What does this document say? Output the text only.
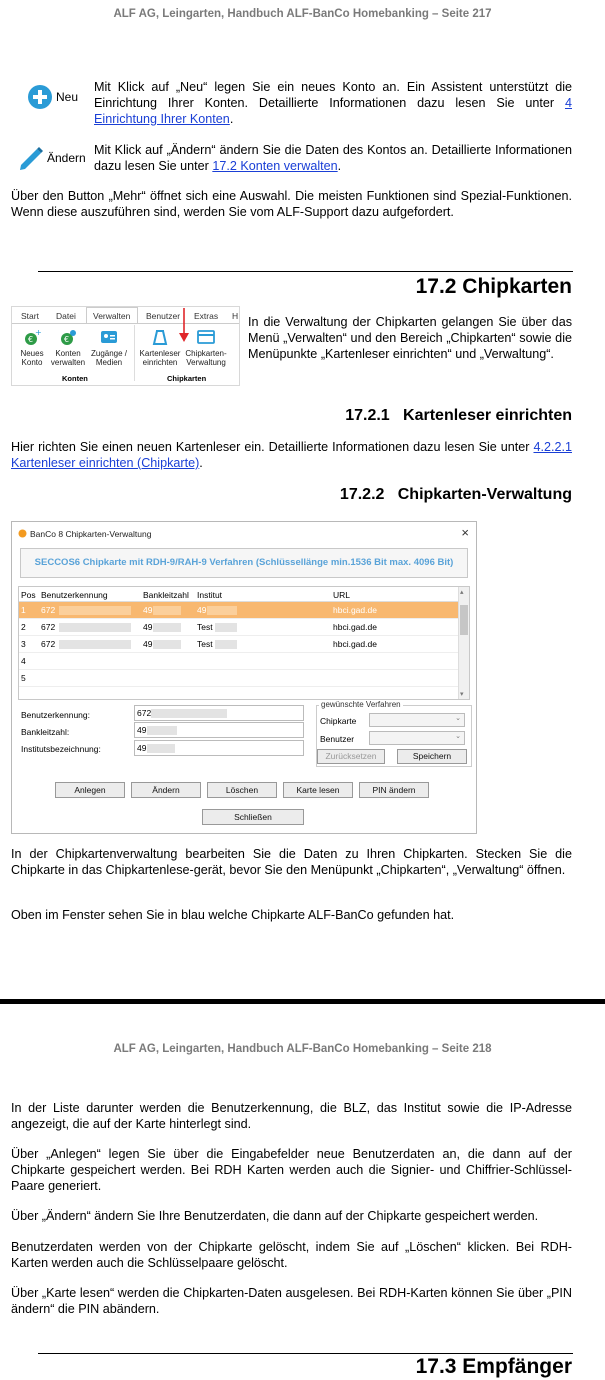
ALF AG, Leingarten, Handbuch ALF-BanCo Homebanking – Seite 217
Neu
Mit Klick auf „Neu“ legen Sie ein neues Konto an. Ein Assistent unterstützt die Einrichtung Ihrer Konten. Detaillierte Informationen dazu lesen Sie unter 4 Einrichtung Ihrer Konten.
Ändern
Mit Klick auf „Ändern“ ändern Sie die Daten des Kontos an. Detaillierte Informationen dazu lesen Sie unter 17.2 Konten verwalten.
Über den Button „Mehr“ öffnet sich eine Auswahl. Die meisten Funktionen sind Spezial-Funktionen. Wenn diese auszuführen sind, werden Sie vom ALF-Support dazu aufgefordert.
17.2 Chipkarten
Start Datei Verwalten Benutzer Extras H
€
+
Neues
Konto
€
Konten
verwalten
Zugänge /
Medien
Kartenleser
einrichten
Chipkarten-
Verwaltung
Konten	Chipkarten
In die Verwaltung der Chipkarten gelangen Sie über das Menü „Verwalten“ und den Bereich „Chipkarten“ sowie die Menüpunkte „Kartenleser einrichten“ und „Verwaltung“.
17.2.1 Kartenleser einrichten
Hier richten Sie einen neuen Kartenleser ein. Detaillierte Informationen dazu lesen Sie unter 4.2.2.1 Kartenleser einrichten (Chipkarte).
17.2.2 Chipkarten-Verwaltung
BanCo 8 Chipkarten-Verwaltung	×
SECCOS6 Chipkarte mit RDH-9/RAH-9 Verfahren (Schlüssellänge min.1536 Bit max. 4096 Bit)
Pos Benutzerkennung	Bankleitzahl Institut	URL
1 672	49	49	hbci.gad.de
2 672	49	Test	hbci.gad.de
3 672	49	Test	hbci.gad.de
4
5
▴
▾
Benutzerkennung:	672
Bankleitzahl:	49
Institutsbezeichnung:	49
gewünschte Verfahren
Chipkarte	⌄
Benutzer	⌄
Zurücksetzen	Speichern
Anlegen	Ändern	Löschen	Karte lesen	PIN ändern
Schließen
In der Chipkartenverwaltung bearbeiten Sie die Daten zu Ihren Chipkarten. Stecken Sie die Chipkarte in das Chipkartenlese-gerät, bevor Sie den Menüpunkt „Chipkarten“, „Verwaltung“ öffnen.
Oben im Fenster sehen Sie in blau welche Chipkarte ALF-BanCo gefunden hat.
ALF AG, Leingarten, Handbuch ALF-BanCo Homebanking – Seite 218
In der Liste darunter werden die Benutzerkennung, die BLZ, das Institut sowie die IP-Adresse angezeigt, die auf der Karte hinterlegt sind.
Über „Anlegen“ legen Sie über die Eingabefelder neue Benutzerdaten an, die dann auf der Chipkarte gespeichert werden. Bei RDH Karten werden auch die Signier- und Chiffrier-Schlüssel-Paare generiert.
Über „Ändern“ ändern Sie Ihre Benutzerdaten, die dann auf der Chipkarte gespeichert werden.
Benutzerdaten werden von der Chipkarte gelöscht, indem Sie auf „Löschen“ klicken. Bei RDH-Karten werden auch die Schlüsselpaare gelöscht.
Über „Karte lesen“ werden die Chipkarten-Daten ausgelesen. Bei RDH-Karten können Sie über „PIN ändern“ die PIN abändern.
17.3 Empfänger
